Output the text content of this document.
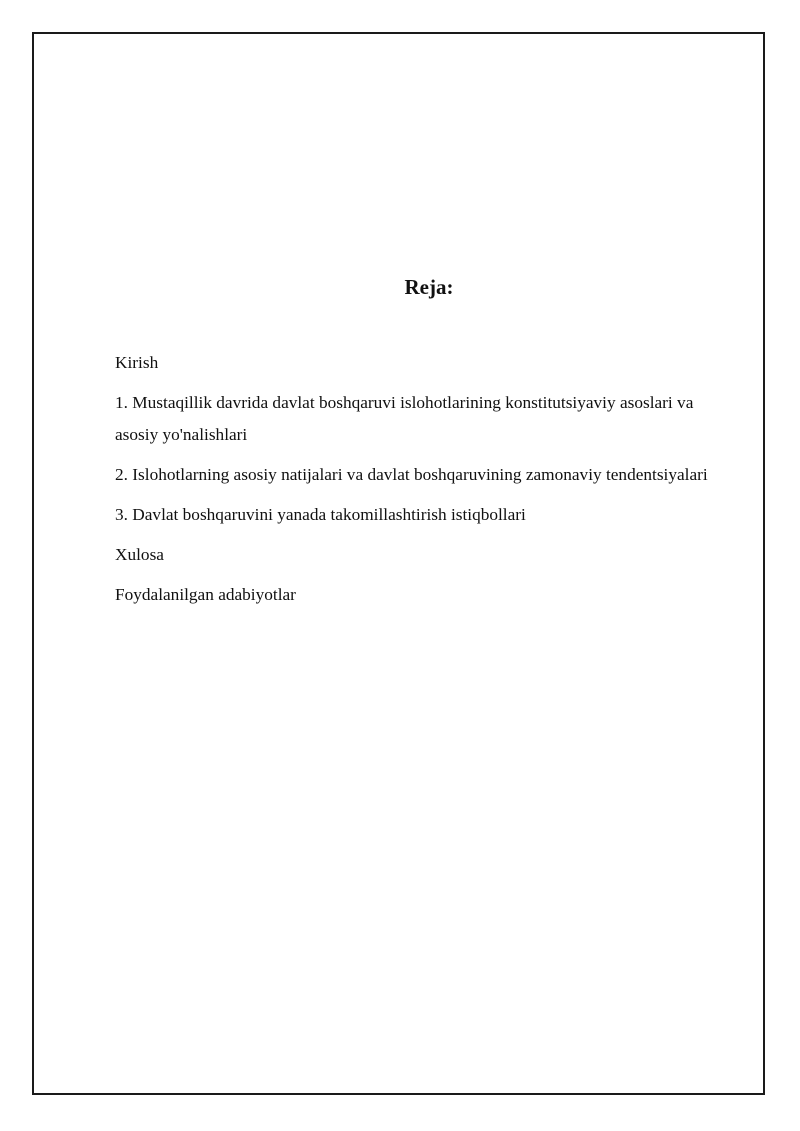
Reja:
Kirish
1. Mustaqillik davrida davlat boshqaruvi islohotlarining konstitutsiyaviy asoslari va asosiy yo'nalishlari
2. Islohotlarning asosiy natijalari va davlat boshqaruvining zamonaviy tendentsiyalari
3. Davlat boshqaruvini yanada takomillashtirish istiqbollari
Xulosa
Foydalanilgan adabiyotlar
